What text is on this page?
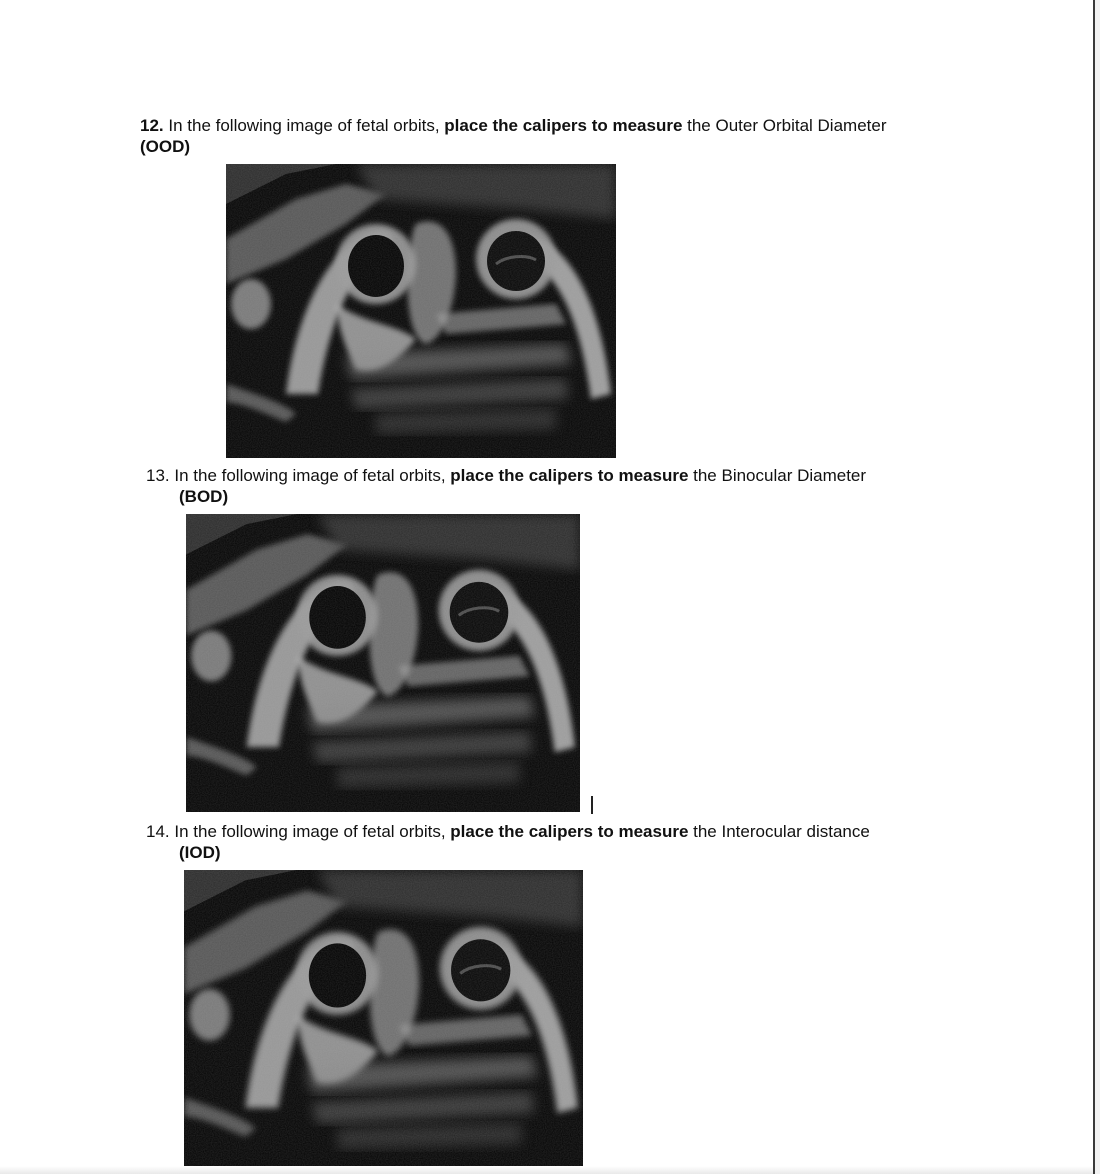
12. In the following image of fetal orbits, place the calipers to measure the Outer Orbital Diameter
(OOD)
13. In the following image of fetal orbits, place the calipers to measure the Binocular Diameter
(BOD)
14. In the following image of fetal orbits, place the calipers to measure the Interocular distance
(IOD)
